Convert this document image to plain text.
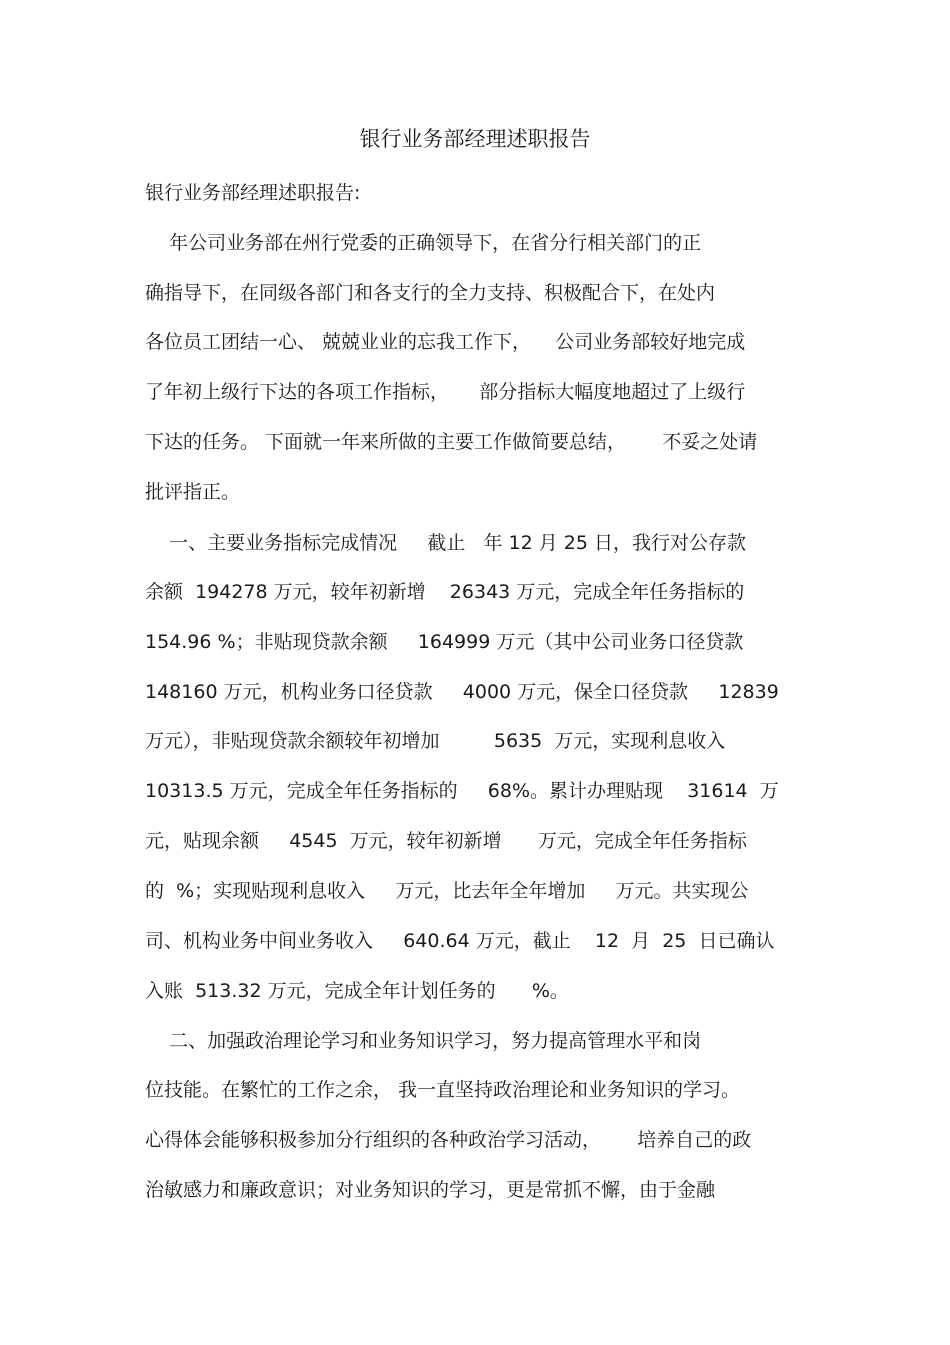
银行业务部经理述职报告
银行业务部经理述职报告:
年公司业务部在州行党委的正确领导下，在省分行相关部门的正
确指导下，在同级各部门和各支行的全力支持、积极配合下，在处内
各位员工团结一心、 兢兢业业的忘我工作下，    公司业务部较好地完成
了年初上级行下达的各项工作指标，     部分指标大幅度地超过了上级行
下达的任务。 下面就一年来所做的主要工作做简要总结，      不妥之处请
批评指正。
一、主要业务指标完成情况     截止   年 12 月 25 日，我行对公存款
余额  194278 万元，较年初新增    26343 万元，完成全年任务指标的
154.96 %；非贴现贷款余额     164999 万元（其中公司业务口径贷款
148160 万元，机构业务口径贷款     4000 万元，保全口径贷款     12839
万元），非贴现贷款余额较年初增加         5635  万元，实现利息收入
10313.5 万元，完成全年任务指标的     68%。累计办理贴现    31614  万
元，贴现余额     4545  万元，较年初新增      万元，完成全年任务指标
的  %；实现贴现利息收入     万元，比去年全年增加     万元。共实现公
司、机构业务中间业务收入     640.64 万元，截止    12  月  25  日已确认
入账  513.32 万元，完成全年计划任务的      %。
二、加强政治理论学习和业务知识学习，努力提高管理水平和岗
位技能。在繁忙的工作之余， 我一直坚持政治理论和业务知识的学习。
心得体会能够积极参加分行组织的各种政治学习活动，      培养自己的政
治敏感力和廉政意识；对业务知识的学习，更是常抓不懈，由于金融
